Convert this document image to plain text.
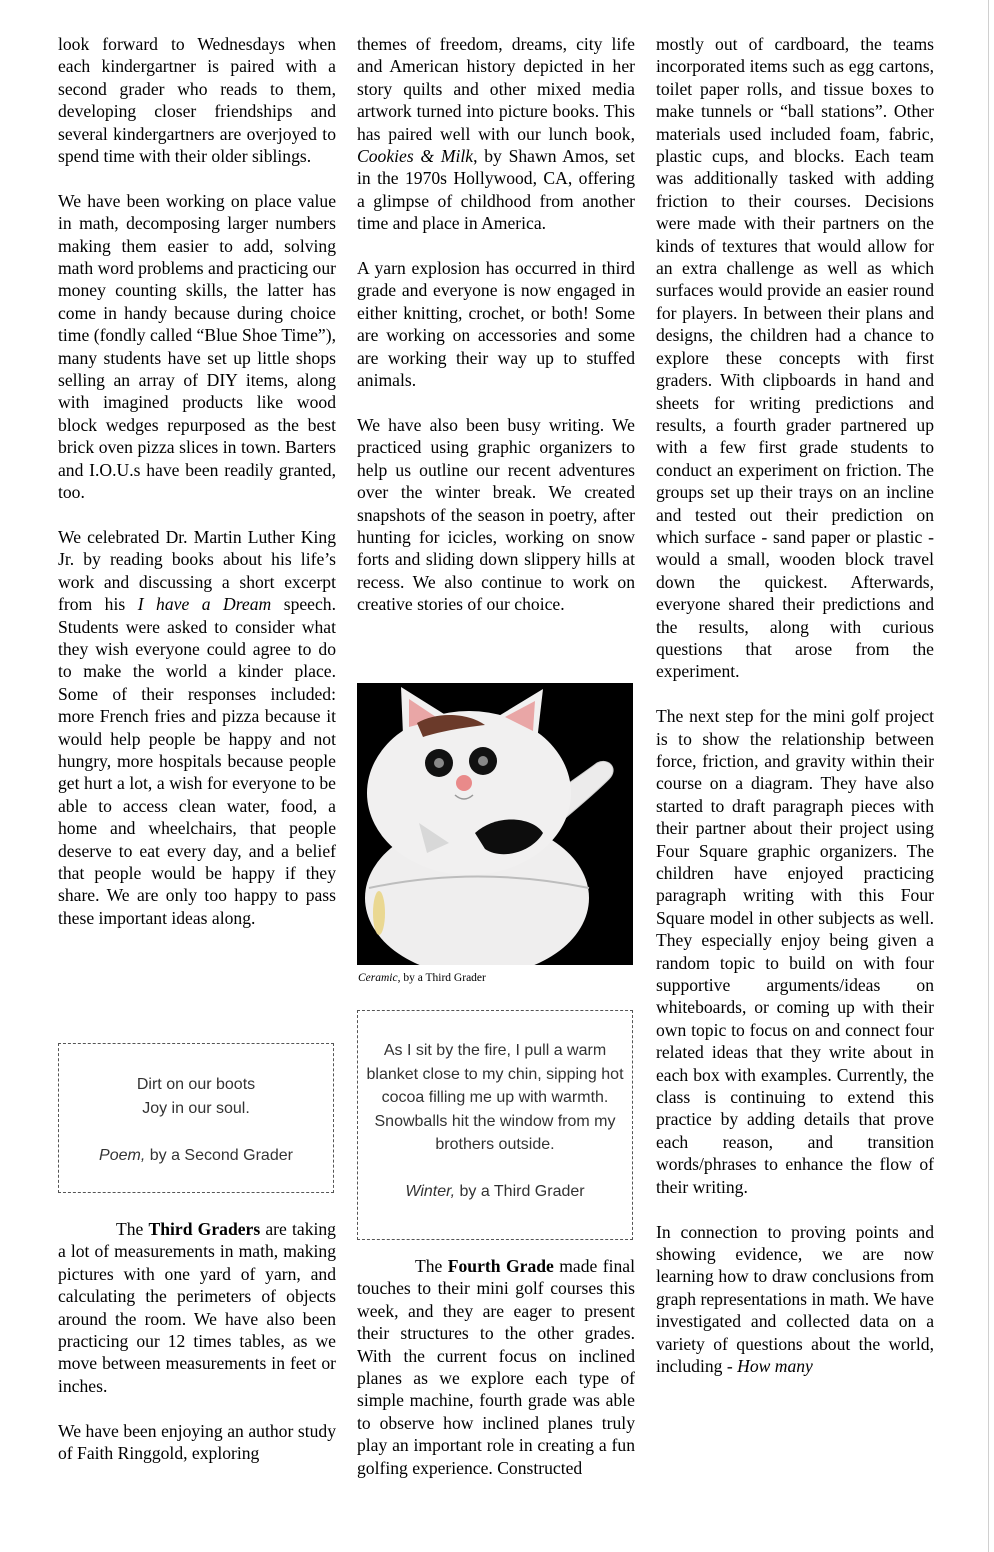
look forward to Wednesdays when each kindergartner is paired with a second grader who reads to them, developing closer friendships and several kindergartners are overjoyed to spend time with their older siblings.

We have been working on place value in math, decomposing larger numbers making them easier to add, solving math word problems and practicing our money counting skills, the latter has come in handy because during choice time (fondly called “Blue Shoe Time”), many students have set up little shops selling an array of DIY items, along with imagined products like wood block wedges repurposed as the best brick oven pizza slices in town. Barters and I.O.U.s have been readily granted, too.

We celebrated Dr. Martin Luther King Jr. by reading books about his life’s work and discussing a short excerpt from his I have a Dream speech. Students were asked to consider what they wish everyone could agree to do to make the world a kinder place. Some of their responses included: more French fries and pizza because it would help people be happy and not hungry, more hospitals because people get hurt a lot, a wish for everyone to be able to access clean water, food, a home and wheelchairs, that people deserve to eat every day, and a belief that people would be happy if they share. We are only too happy to pass these important ideas along.

Dirt on our boots
Joy in our soul.
Poem, by a Second Grader

The Third Graders are taking a lot of measurements in math, making pictures with one yard of yarn, and calculating the perimeters of objects around the room. We have also been practicing our 12 times tables, as we move between measurements in feet or inches.

We have been enjoying an author study of Faith Ringgold, exploring

themes of freedom, dreams, city life and American history depicted in her story quilts and other mixed media artwork turned into picture books. This has paired well with our lunch book, Cookies & Milk, by Shawn Amos, set in the 1970s Hollywood, CA, offering a glimpse of childhood from another time and place in America.

A yarn explosion has occurred in third grade and everyone is now engaged in either knitting, crochet, or both! Some are working on accessories and some are working their way up to stuffed animals.

We have also been busy writing. We practiced using graphic organizers to help us outline our recent adventures over the winter break. We created snapshots of the season in poetry, after hunting for icicles, working on snow forts and sliding down slippery hills at recess. We also continue to work on creative stories of our choice.

Ceramic, by a Third Grader
As I sit by the fire, I pull a warm blanket close to my chin, sipping hot cocoa filling me up with warmth. Snowballs hit the window from my brothers outside.
Winter, by a Third Grader

The Fourth Grade made final touches to their mini golf courses this week, and they are eager to present their structures to the other grades. With the current focus on inclined planes as we explore each type of simple machine, fourth grade was able to observe how inclined planes truly play an important role in creating a fun golfing experience. Constructed

mostly out of cardboard, the teams incorporated items such as egg cartons, toilet paper rolls, and tissue boxes to make tunnels or “ball stations”. Other materials used included foam, fabric, plastic cups, and blocks. Each team was additionally tasked with adding friction to their courses. Decisions were made with their partners on the kinds of textures that would allow for an extra challenge as well as which surfaces would provide an easier round for players. In between their plans and designs, the children had a chance to explore these concepts with first graders. With clipboards in hand and sheets for writing predictions and results, a fourth grader partnered up with a few first grade students to conduct an experiment on friction. The groups set up their trays on an incline and tested out their prediction on which surface - sand paper or plastic - would a small, wooden block travel down the quickest. Afterwards, everyone shared their predictions and the results, along with curious questions that arose from the experiment.

The next step for the mini golf project is to show the relationship between force, friction, and gravity within their course on a diagram. They have also started to draft paragraph pieces with their partner about their project using Four Square graphic organizers. The children have enjoyed practicing paragraph writing with this Four Square model in other subjects as well. They especially enjoy being given a random topic to build on with four supportive arguments/ideas on whiteboards, or coming up with their own topic to focus on and connect four related ideas that they write about in each box with examples. Currently, the class is continuing to extend this practice by adding details that prove each reason, and transition words/phrases to enhance the flow of their writing.

In connection to proving points and showing evidence, we are now learning how to draw conclusions from graph representations in math. We have investigated and collected data on a variety of questions about the world, including - How many
